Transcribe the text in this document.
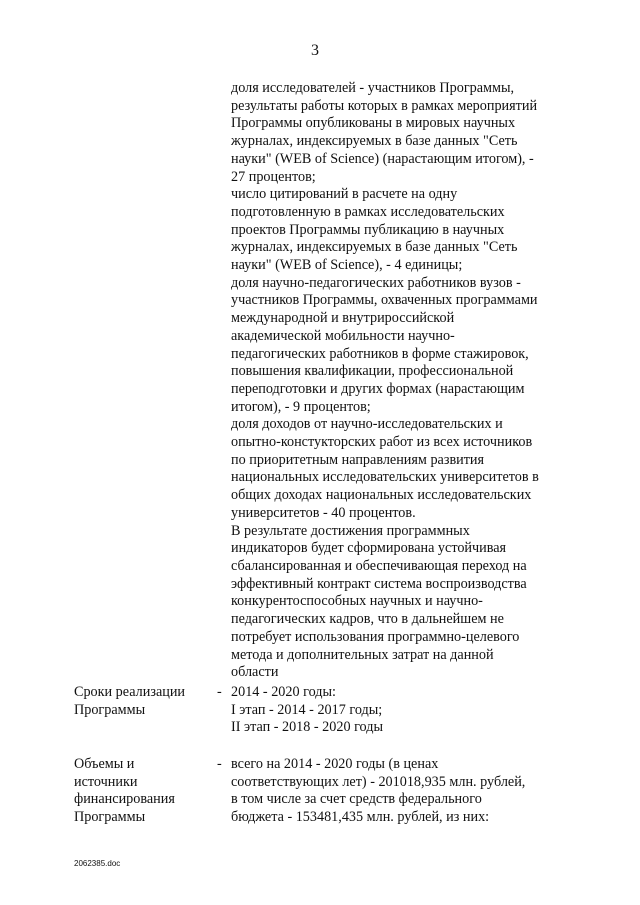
3
доля исследователей - участников Программы,
результаты работы которых в рамках мероприятий
Программы опубликованы в мировых научных
журналах, индексируемых в базе данных "Сеть
науки" (WEB of Science) (нарастающим итогом), -
27 процентов;
число цитирований в расчете на одну
подготовленную в рамках исследовательских
проектов Программы публикацию в научных
журналах, индексируемых в базе данных "Сеть
науки" (WEB of Science), - 4 единицы;
доля научно-педагогических работников вузов -
участников Программы, охваченных программами
международной и внутрироссийской
академической мобильности научно-
педагогических работников в форме стажировок,
повышения квалификации, профессиональной
переподготовки и других формах (нарастающим
итогом), - 9 процентов;
доля доходов от научно-исследовательских и
опытно-констукторских работ из всех источников
по приоритетным направлениям развития
национальных исследовательских университетов в
общих доходах национальных исследовательских
университетов - 40 процентов.
В результате достижения программных
индикаторов будет сформирована устойчивая
сбалансированная и обеспечивающая переход на
эффективный контракт система воспроизводства
конкурентоспособных научных и научно-
педагогических кадров, что в дальнейшем не
потребует использования программно-целевого
метода и дополнительных затрат на данной
области
Сроки реализации
Программы
- 2014 - 2020 годы:
I этап - 2014 - 2017 годы;
II этап - 2018 - 2020 годы
Объемы и
источники
финансирования
Программы
- всего на 2014 - 2020 годы (в ценах
соответствующих лет) - 201018,935 млн. рублей,
в том числе за счет средств федерального
бюджета - 153481,435 млн. рублей, из них:
2062385.doc
